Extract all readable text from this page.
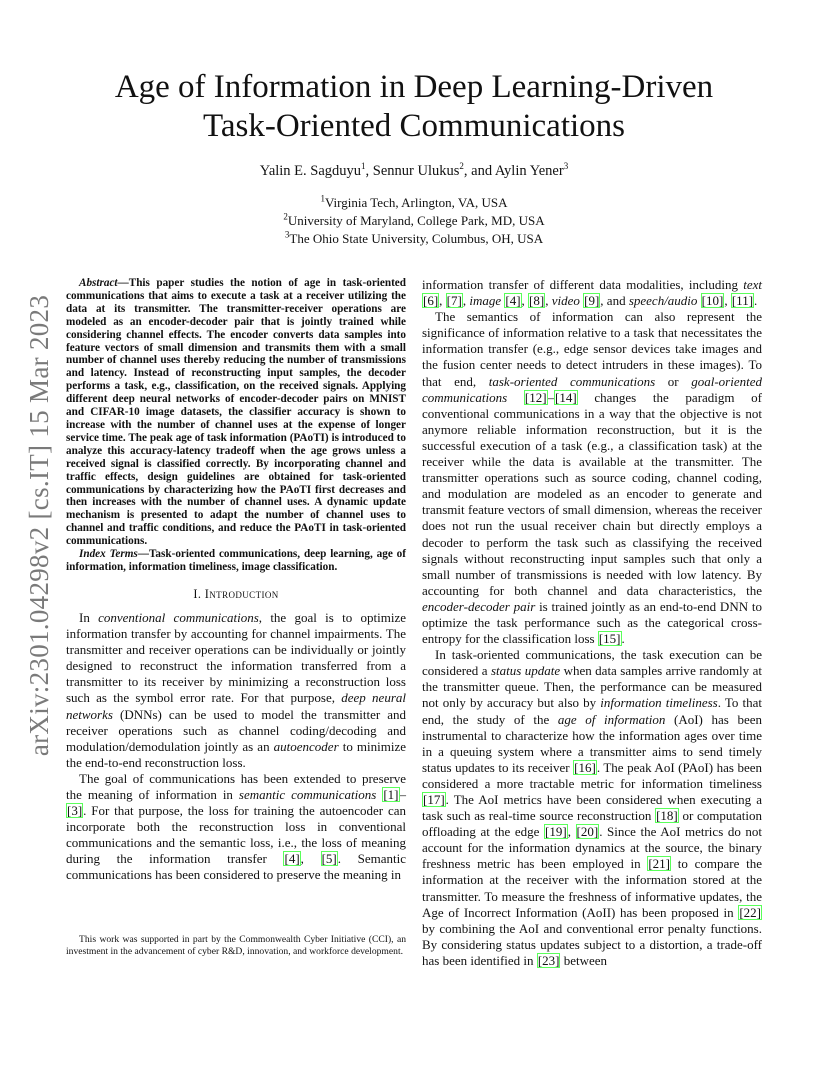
arXiv:2301.04298v2 [cs.IT] 15 Mar 2023
Age of Information in Deep Learning-Driven
Task-Oriented Communications
Yalin E. Sagduyu$^1$, Sennur Ulukus$^2$, and Aylin Yener$^3$
$^1$Virginia Tech, Arlington, VA, USA
$^2$University of Maryland, College Park, MD, USA
$^3$The Ohio State University, Columbus, OH, USA

Abstract—This paper studies the notion of age in task-oriented communications that aims to execute a task at a receiver utilizing the data at its transmitter. The transmitter-receiver operations are modeled as an encoder-decoder pair that is jointly trained while considering channel effects. The encoder converts data samples into feature vectors of small dimension and transmits them with a small number of channel uses thereby reducing the number of transmissions and latency. Instead of reconstructing input samples, the decoder performs a task, e.g., classification, on the received signals. Applying different deep neural networks of encoder-decoder pairs on MNIST and CIFAR-10 image datasets, the classifier accuracy is shown to increase with the number of channel uses at the expense of longer service time. The peak age of task information (PAoTI) is introduced to analyze this accuracy-latency tradeoff when the age grows unless a received signal is classified correctly. By incorporating channel and traffic effects, design guidelines are obtained for task-oriented communications by characterizing how the PAoTI first decreases and then increases with the number of channel uses. A dynamic update mechanism is presented to adapt the number of channel uses to channel and traffic conditions, and reduce the PAoTI in task-oriented communications.

Index Terms—Task-oriented communications, deep learning, age of information, information timeliness, image classification.

I. Introduction

In conventional communications, the goal is to optimize information transfer by accounting for channel impairments. The transmitter and receiver operations can be individually or jointly designed to reconstruct the information transferred from a transmitter to its receiver by minimizing a reconstruction loss such as the symbol error rate. For that purpose, deep neural networks (DNNs) can be used to model the transmitter and receiver operations such as channel coding/decoding and modulation/demodulation jointly as an autoencoder to minimize the end-to-end reconstruction loss.

The goal of communications has been extended to preserve the meaning of information in semantic communications [1]–[3]. For that purpose, the loss for training the autoencoder can incorporate both the reconstruction loss in conventional communications and the semantic loss, i.e., the loss of meaning during the information transfer [4], [5]. Semantic communications has been considered to preserve the meaning in

This work was supported in part by the Commonwealth Cyber Initiative (CCI), an investment in the advancement of cyber R&D, innovation, and workforce development.

information transfer of different data modalities, including text [6], [7], image [4], [8], video [9], and speech/audio [10], [11].

The semantics of information can also represent the significance of information relative to a task that necessitates the information transfer (e.g., edge sensor devices take images and the fusion center needs to detect intruders in these images). To that end, task-oriented communications or goal-oriented communications [12]–[14] changes the paradigm of conventional communications in a way that the objective is not anymore reliable information reconstruction, but it is the successful execution of a task (e.g., a classification task) at the receiver while the data is available at the transmitter. The transmitter operations such as source coding, channel coding, and modulation are modeled as an encoder to generate and transmit feature vectors of small dimension, whereas the receiver does not run the usual receiver chain but directly employs a decoder to perform the task such as classifying the received signals without reconstructing input samples such that only a small number of transmissions is needed with low latency. By accounting for both channel and data characteristics, the encoder-decoder pair is trained jointly as an end-to-end DNN to optimize the task performance such as the categorical cross-entropy for the classification loss [15].

In task-oriented communications, the task execution can be considered a status update when data samples arrive randomly at the transmitter queue. Then, the performance can be measured not only by accuracy but also by information timeliness. To that end, the study of the age of information (AoI) has been instrumental to characterize how the information ages over time in a queuing system where a transmitter aims to send timely status updates to its receiver [16]. The peak AoI (PAoI) has been considered a more tractable metric for information timeliness [17]. The AoI metrics have been considered when executing a task such as real-time source reconstruction [18] or computation offloading at the edge [19], [20]. Since the AoI metrics do not account for the information dynamics at the source, the binary freshness metric has been employed in [21] to compare the information at the receiver with the information stored at the transmitter. To measure the freshness of informative updates, the Age of Incorrect Information (AoII) has been proposed in [22] by combining the AoI and conventional error penalty functions. By considering status updates subject to a distortion, a trade-off has been identified in [23] between
